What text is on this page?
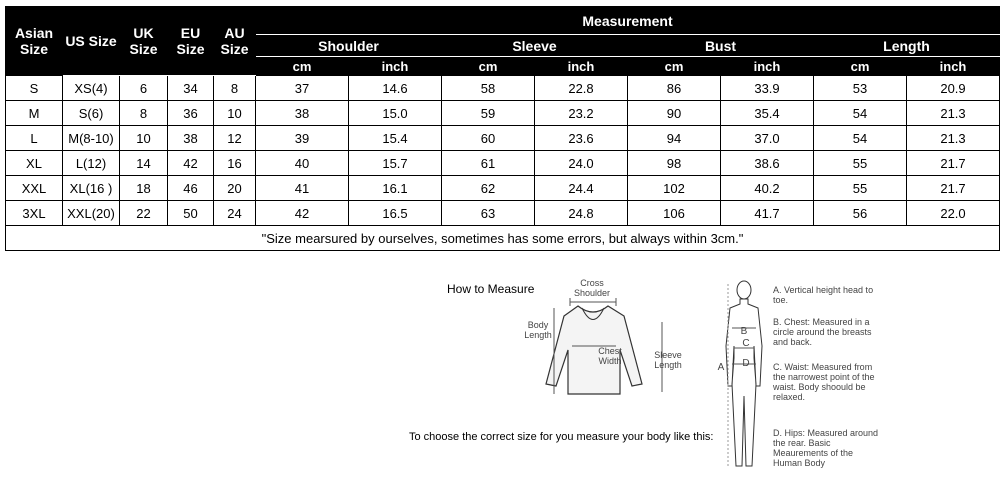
Asian Size	US Size	UK Size	EU Size	AU Size	Measurement							
					Shoulder		Sleeve		Bust		Length	
					cm	inch	cm	inch	cm	inch	cm	inch
S	XS(4)	6	34	8	37	14.6	58	22.8	86	33.9	53	20.9
M	S(6)	8	36	10	38	15.0	59	23.2	90	35.4	54	21.3
L	M(8-10)	10	38	12	39	15.4	60	23.6	94	37.0	54	21.3
XL	L(12)	14	42	16	40	15.7	61	24.0	98	38.6	55	21.7
XXL	XL(16 )	18	46	20	41	16.1	62	24.4	102	40.2	55	21.7
3XL	XXL(20)	22	50	24	42	16.5	63	24.8	106	41.7	56	22.0
"Size mearsured by ourselves, sometimes has some errors, but always within 3cm."												
How to Measure	Cross
Shoulder
Body
Length
Chest
Width
Sleeve
Length
To choose the correct size for you measure your body like this:
B
C
D
A
A. Vertical height head to toe.
B. Chest: Measured in a circle around the breasts and back.
C. Waist: Measured from the narrowest point of the waist. Body shoould be relaxed.
D. Hips: Measured around the rear. Basic Meaurements of the Human Body
